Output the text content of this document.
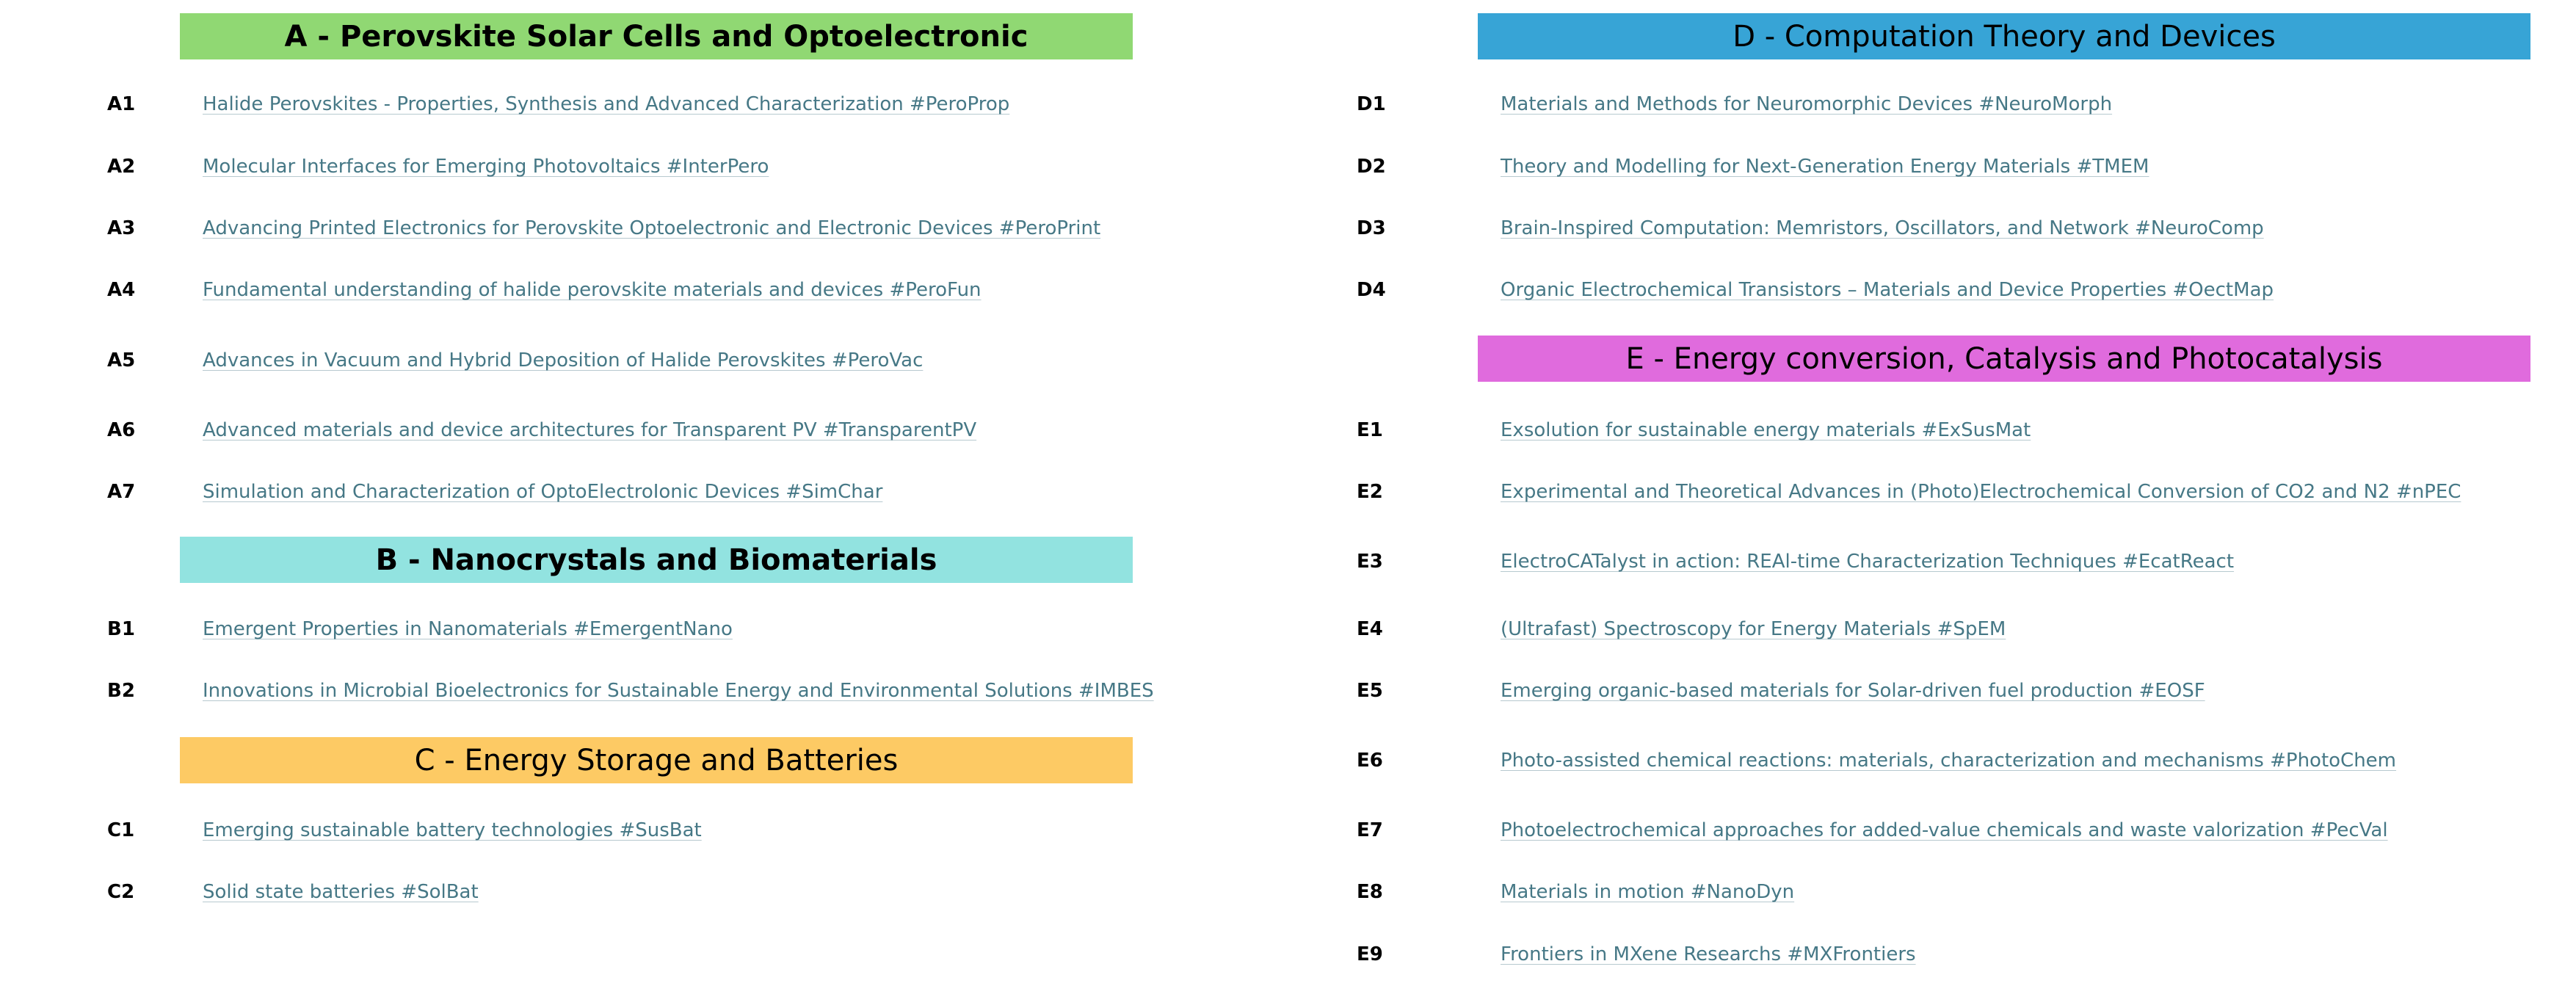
A - Perovskite Solar Cells and Optoelectronic
A1	Halide Perovskites - Properties, Synthesis and Advanced Characterization #PeroProp
A2	Molecular Interfaces for Emerging Photovoltaics #InterPero
A3	Advancing Printed Electronics for Perovskite Optoelectronic and Electronic Devices #PeroPrint
A4	Fundamental understanding of halide perovskite materials and devices #PeroFun
A5	Advances in Vacuum and Hybrid Deposition of Halide Perovskites #PeroVac
A6	Advanced materials and device architectures for Transparent PV #TransparentPV
A7	Simulation and Characterization of OptoElectroIonic Devices #SimChar
B - Nanocrystals and Biomaterials
B1	Emergent Properties in Nanomaterials #EmergentNano
B2	Innovations in Microbial Bioelectronics for Sustainable Energy and Environmental Solutions #IMBES
C - Energy Storage and Batteries
C1	Emerging sustainable battery technologies #SusBat
C2	Solid state batteries #SolBat
D - Computation Theory and Devices
D1	Materials and Methods for Neuromorphic Devices #NeuroMorph
D2	Theory and Modelling for Next-Generation Energy Materials #TMEM
D3	Brain-Inspired Computation: Memristors, Oscillators, and Network #NeuroComp
D4	Organic Electrochemical Transistors – Materials and Device Properties #OectMap
E - Energy conversion, Catalysis and Photocatalysis
E1	Exsolution for sustainable energy materials #ExSusMat
E2	Experimental and Theoretical Advances in (Photo)Electrochemical Conversion of CO2 and N2 #nPEC
E3	ElectroCATalyst in action: REAl-time Characterization Techniques #EcatReact
E4	(Ultrafast) Spectroscopy for Energy Materials #SpEM
E5	Emerging organic-based materials for Solar-driven fuel production #EOSF
E6	Photo-assisted chemical reactions: materials, characterization and mechanisms #PhotoChem
E7	Photoelectrochemical approaches for added-value chemicals and waste valorization #PecVal
E8	Materials in motion #NanoDyn
E9	Frontiers in MXene Researchs #MXFrontiers
